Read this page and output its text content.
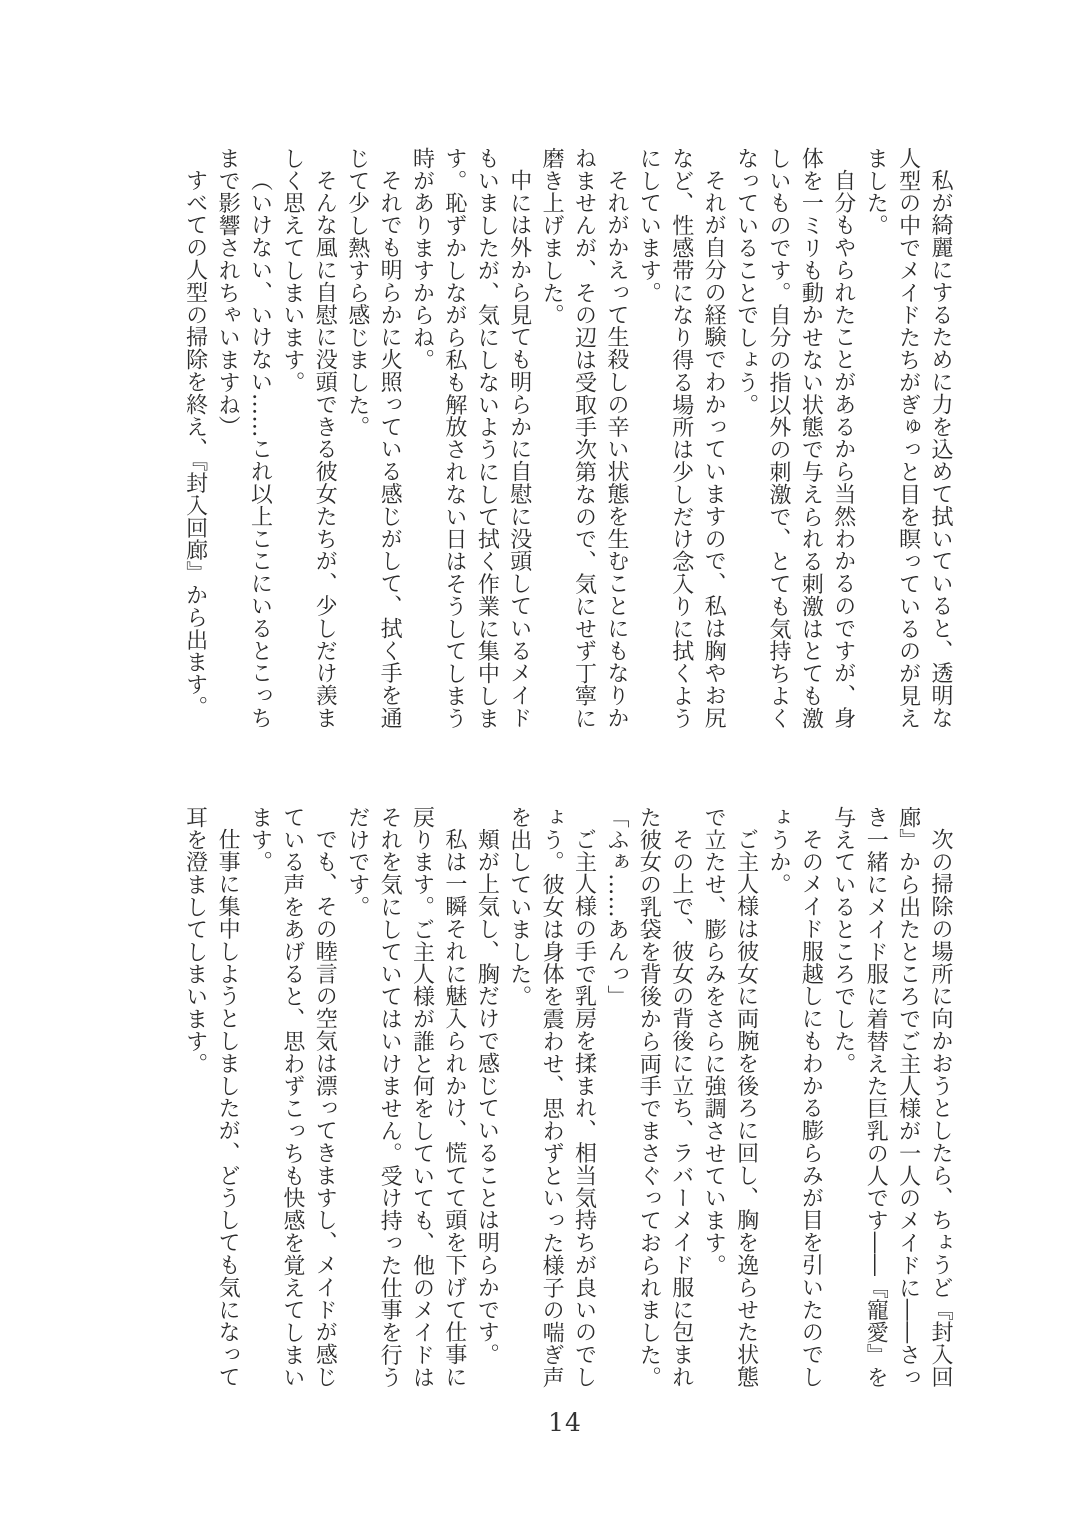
私が綺麗にするために力を込めて拭いていると、透明な人型の中でメイドたちがぎゅっと目を瞑っているのが見えました。

自分もやられたことがあるから当然わかるのですが、身体を一ミリも動かせない状態で与えられる刺激はとても激しいものです。自分の指以外の刺激で、とても気持ちよくなっていることでしょう。

それが自分の経験でわかっていますので、私は胸やお尻など、性感帯になり得る場所は少しだけ念入りに拭くようにしています。

それがかえって生殺しの辛い状態を生むことにもなりかねませんが、その辺は受取手次第なので、気にせず丁寧に磨き上げました。

中には外から見ても明らかに自慰に没頭しているメイドもいましたが、気にしないようにして拭く作業に集中します。恥ずかしながら私も解放されない日はそうしてしまう時がありますからね。

それでも明らかに火照っている感じがして、拭く手を通じて少し熱すら感じました。

そんな風に自慰に没頭できる彼女たちが、少しだけ羨ましく思えてしまいます。

（いけない、いけない……これ以上ここにいるとこっちまで影響されちゃいますね）

すべての人型の掃除を終え、『封入回廊』から出ます。

次の掃除の場所に向かおうとしたら、ちょうど『封入回廊』から出たところでご主人様が一人のメイドに――さっき一緒にメイド服に着替えた巨乳の人です――『寵愛』を与えているところでした。

そのメイド服越しにもわかる膨らみが目を引いたのでしょうか。

ご主人様は彼女に両腕を後ろに回し、胸を逸らせた状態で立たせ、膨らみをさらに強調させています。

その上で、彼女の背後に立ち、ラバーメイド服に包まれた彼女の乳袋を背後から両手でまさぐっておられました。

「ふぁ……あんっ」

ご主人様の手で乳房を揉まれ、相当気持ちが良いのでしょう。彼女は身体を震わせ、思わずといった様子の喘ぎ声を出していました。

頬が上気し、胸だけで感じていることは明らかです。

私は一瞬それに魅入られかけ、慌てて頭を下げて仕事に戻ります。ご主人様が誰と何をしていても、他のメイドはそれを気にしていてはいけません。受け持った仕事を行うだけです。

でも、その睦言の空気は漂ってきますし、メイドが感じている声をあげると、思わずこっちも快感を覚えてしまいます。

仕事に集中しようとしましたが、どうしても気になって耳を澄ましてしまいます。

14
